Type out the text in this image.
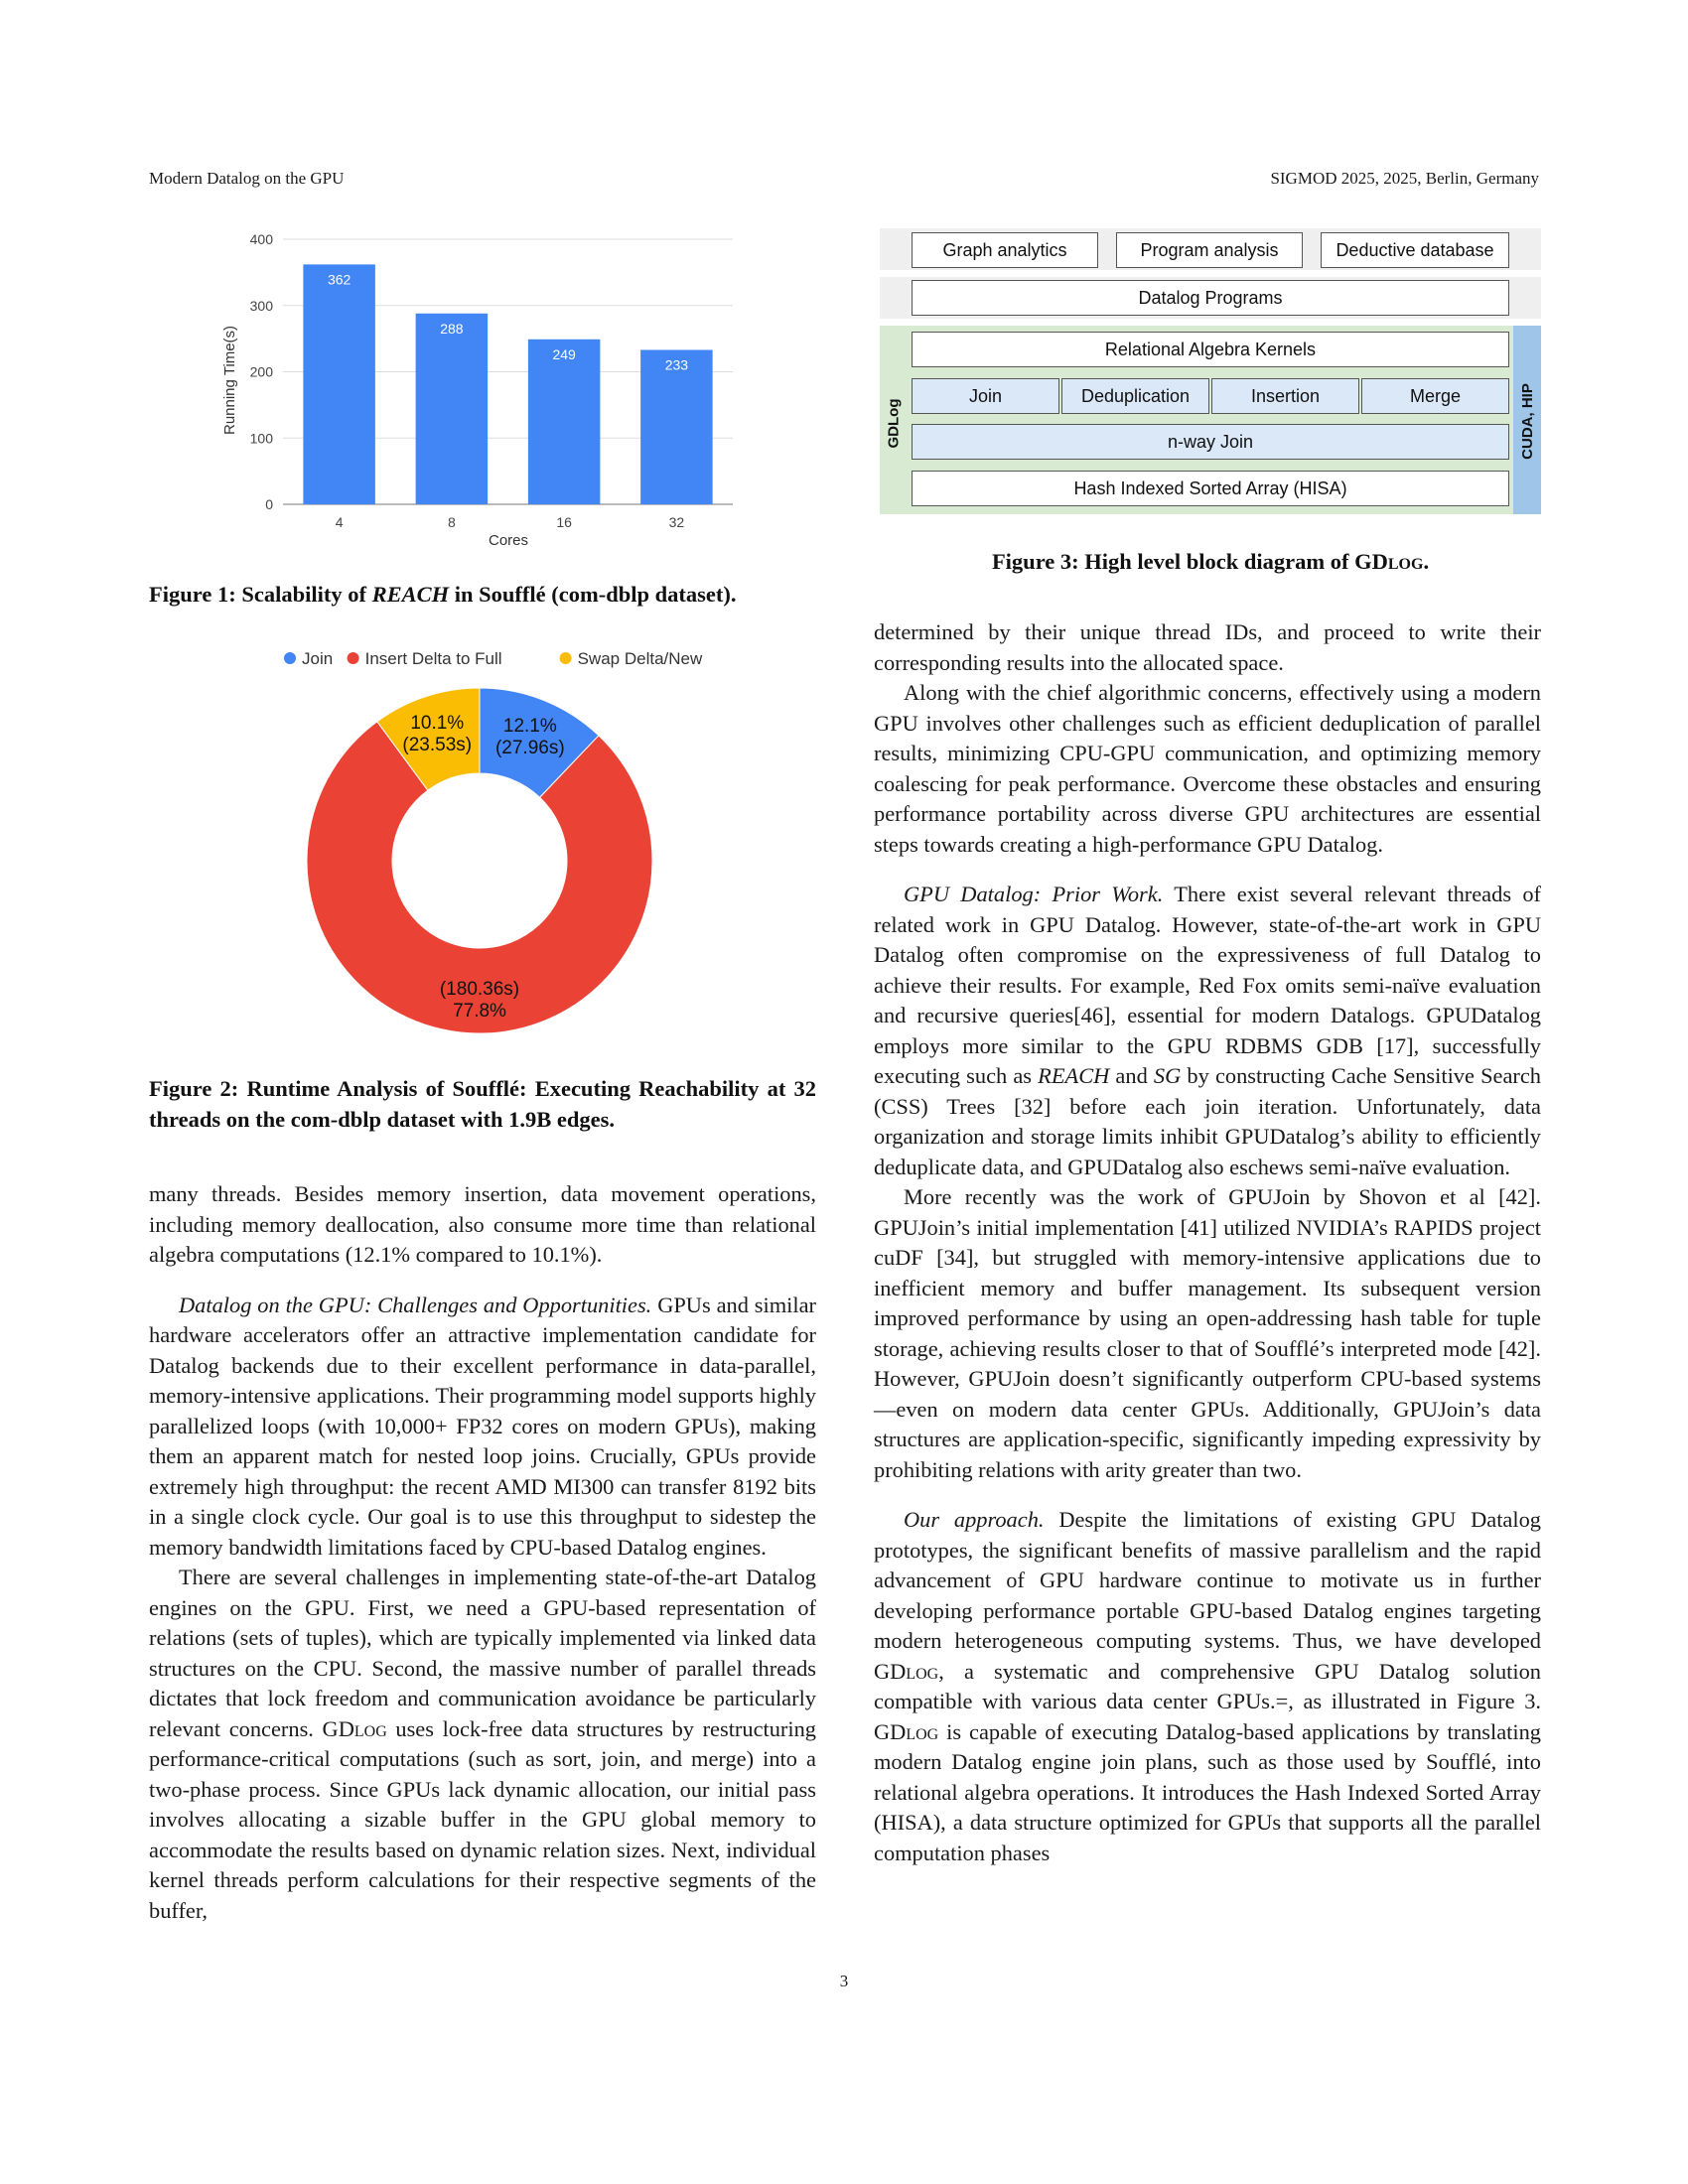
Modern Datalog on the GPU	SIGMOD 2025, 2025, Berlin, Germany
0
100
200
300
400
362
4
288
8
249
16
233
32
Cores
Running Time(s)
Figure 1: Scalability of REACH in Soufflé (com-dblp dataset).
Join Insert Delta to Full	Swap Delta/New
12.1%
(27.96s)
(180.36s)
77.8%
10.1%
(23.53s)
Figure 2: Runtime Analysis of Soufflé: Executing Reachability at 32 threads on the com-dblp dataset with 1.9B edges.
Graph analytics	Program analysis	Deductive database
Datalog Programs
Relational Algebra Kernels
Join	Deduplication	Insertion	Merge
n-way Join
Hash Indexed Sorted Array (HISA)
GDLog	CUDA, HIP
Figure 3: High level block diagram of GDlog.

many threads. Besides memory insertion, data movement operations, including memory deallocation, also consume more time than relational algebra computations (12.1% compared to 10.1%).

Datalog on the GPU: Challenges and Opportunities. GPUs and similar hardware accelerators offer an attractive implementation candidate for Datalog backends due to their excellent performance in data-parallel, memory-intensive applications. Their programming model supports highly parallelized loops (with 10,000+ FP32 cores on modern GPUs), making them an apparent match for nested loop joins. Crucially, GPUs provide extremely high throughput: the recent AMD MI300 can transfer 8192 bits in a single clock cycle. Our goal is to use this throughput to sidestep the memory bandwidth limitations faced by CPU-based Datalog engines.

There are several challenges in implementing state-of-the-art Datalog engines on the GPU. First, we need a GPU-based representation of relations (sets of tuples), which are typically implemented via linked data structures on the CPU. Second, the massive number of parallel threads dictates that lock freedom and communication avoidance be particularly relevant concerns. GDlog uses lock-free data structures by restructuring performance-critical computations (such as sort, join, and merge) into a two-phase process. Since GPUs lack dynamic allocation, our initial pass involves allocating a sizable buffer in the GPU global memory to accommodate the results based on dynamic relation sizes. Next, individual kernel threads perform calculations for their respective segments of the buffer,

determined by their unique thread IDs, and proceed to write their corresponding results into the allocated space.

Along with the chief algorithmic concerns, effectively using a modern GPU involves other challenges such as efficient deduplication of parallel results, minimizing CPU-GPU communication, and optimizing memory coalescing for peak performance. Overcome these obstacles and ensuring performance portability across diverse GPU architectures are essential steps towards creating a high-performance GPU Datalog.

GPU Datalog: Prior Work. There exist several relevant threads of related work in GPU Datalog. However, state-of-the-art work in GPU Datalog often compromise on the expressiveness of full Datalog to achieve their results. For example, Red Fox omits semi-naïve evaluation and recursive queries[46], essential for modern Datalogs. GPUDatalog employs more similar to the GPU RDBMS GDB [17], successfully executing such as REACH and SG by constructing Cache Sensitive Search (CSS) Trees [32] before each join iteration. Unfortunately, data organization and storage limits inhibit GPUDatalog’s ability to efficiently deduplicate data, and GPUDatalog also eschews semi-naïve evaluation.

More recently was the work of GPUJoin by Shovon et al [42]. GPUJoin’s initial implementation [41] utilized NVIDIA’s RAPIDS project cuDF [34], but struggled with memory-intensive applications due to inefficient memory and buffer management. Its subsequent version improved performance by using an open-addressing hash table for tuple storage, achieving results closer to that of Soufflé’s interpreted mode [42]. However, GPUJoin doesn’t significantly outperform CPU-based systems—even on modern data center GPUs. Additionally, GPUJoin’s data structures are application-specific, significantly impeding expressivity by prohibiting relations with arity greater than two.

Our approach. Despite the limitations of existing GPU Datalog prototypes, the significant benefits of massive parallelism and the rapid advancement of GPU hardware continue to motivate us in further developing performance portable GPU-based Datalog engines targeting modern heterogeneous computing systems. Thus, we have developed GDlog, a systematic and comprehensive GPU Datalog solution compatible with various data center GPUs.=, as illustrated in Figure 3. GDlog is capable of executing Datalog-based applications by translating modern Datalog engine join plans, such as those used by Soufflé, into relational algebra operations. It introduces the Hash Indexed Sorted Array (HISA), a data structure optimized for GPUs that supports all the parallel computation phases

3
